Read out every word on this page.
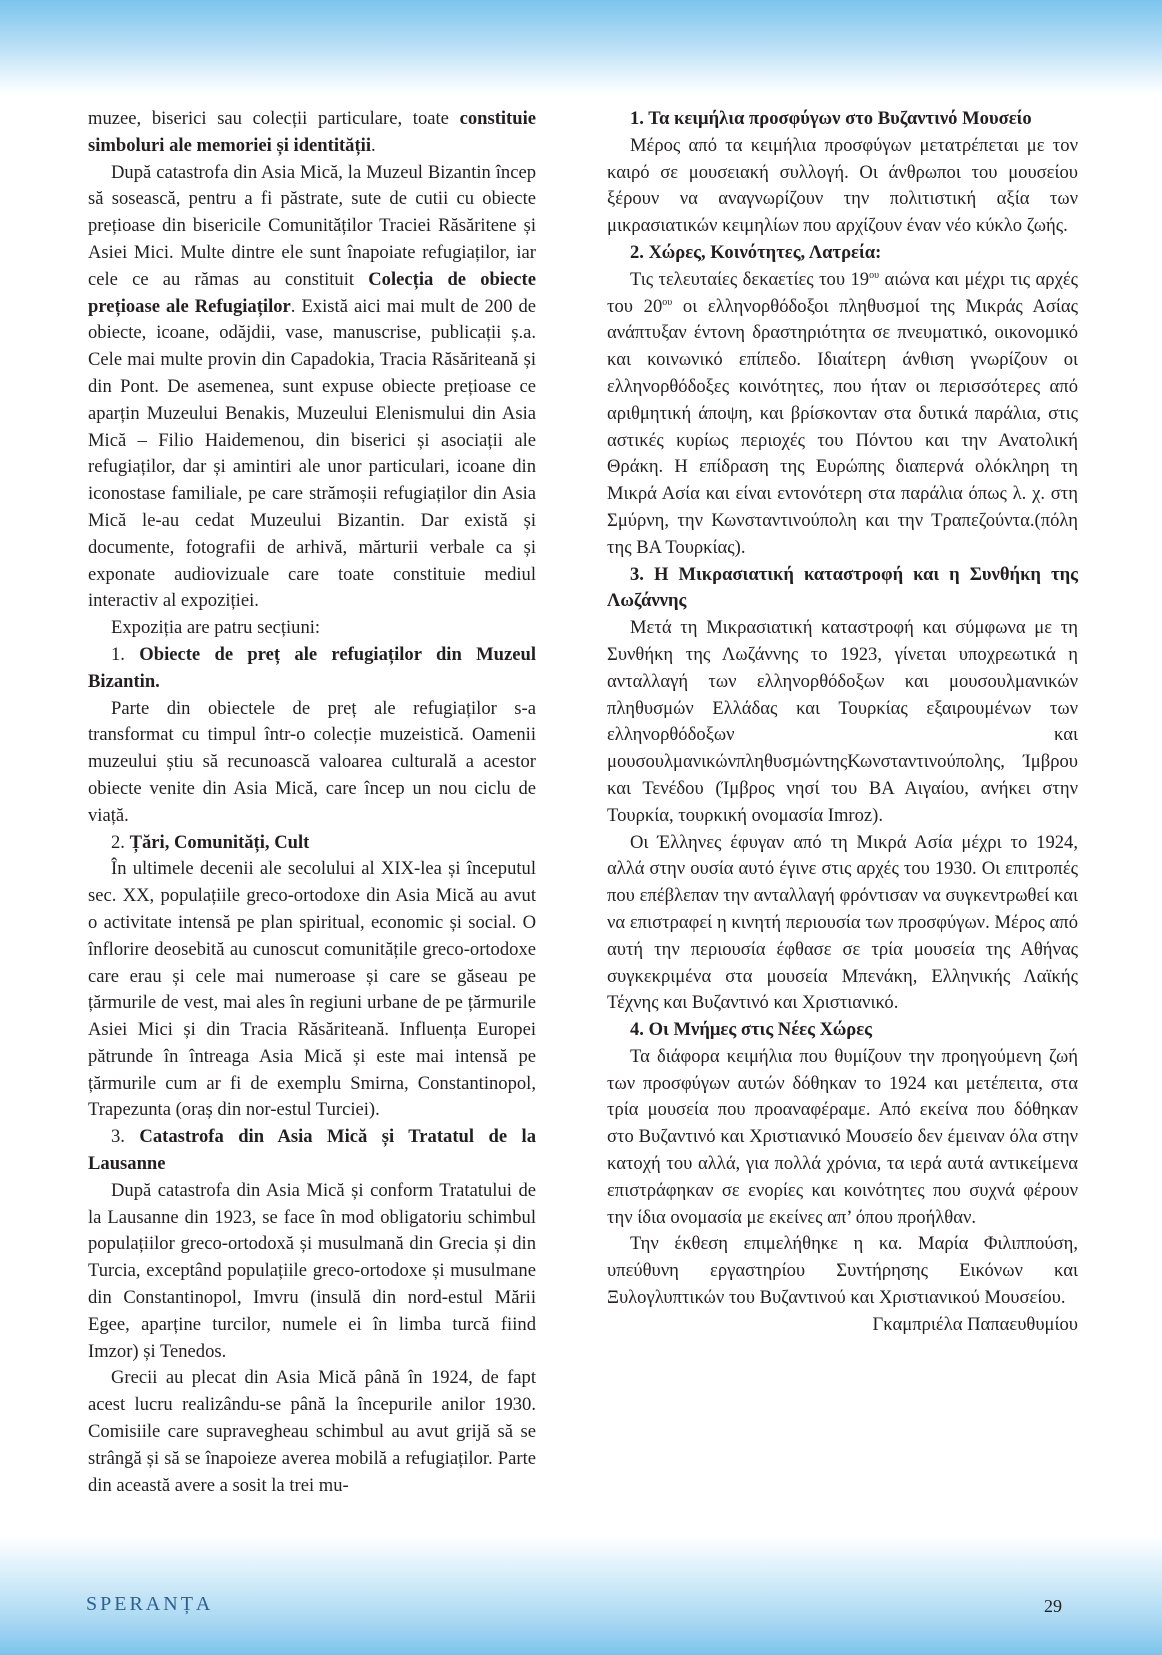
muzee, biserici sau colecții particulare, toate constituie simboluri ale memoriei și identității.

După catastrofa din Asia Mică, la Muzeul Bizantin încep să sosească, pentru a fi păstrate, sute de cutii cu obiecte prețioase din bisericile Comunităților Traciei Răsăritene și Asiei Mici. Multe dintre ele sunt înapoiate refugiaților, iar cele ce au rămas au constituit Colecția de obiecte prețioase ale Refugiaților. Există aici mai mult de 200 de obiecte, icoane, odăjdii, vase, manuscrise, publicații ș.a. Cele mai multe provin din Capadokia, Tracia Răsăriteană și din Pont. De asemenea, sunt expuse obiecte prețioase ce aparțin Muzeului Benakis, Muzeului Elenismului din Asia Mică – Filio Haidemenou, din biserici și asociații ale refugiaților, dar și amintiri ale unor particulari, icoane din iconostase familiale, pe care strămoșii refugiaților din Asia Mică le-au cedat Muzeului Bizantin. Dar există și documente, fotografii de arhivă, mărturii verbale ca și exponate audiovizuale care toate constituie mediul interactiv al expoziției.

Expoziția are patru secțiuni:

1. Obiecte de preț ale refugiaților din Muzeul Bizantin.

Parte din obiectele de preț ale refugiaților s-a transformat cu timpul într-o colecție muzeistică. Oamenii muzeului știu să recunoască valoarea culturală a acestor obiecte venite din Asia Mică, care încep un nou ciclu de viață.

2. Țări, Comunități, Cult

În ultimele decenii ale secolului al XIX-lea și începutul sec. XX, populațiile greco-ortodoxe din Asia Mică au avut o activitate intensă pe plan spiritual, economic și social. O înflorire deosebită au cunoscut comunitățile greco-ortodoxe care erau și cele mai numeroase și care se găseau pe țărmurile de vest, mai ales în regiuni urbane de pe țărmurile Asiei Mici și din Tracia Răsăriteană. Influența Europei pătrunde în întreaga Asia Mică și este mai intensă pe țărmurile cum ar fi de exemplu Smirna, Constantinopol, Trapezunta (oraș din nor-estul Turciei).

3. Catastrofa din Asia Mică și Tratatul de la Lausanne

După catastrofa din Asia Mică și conform Tratatului de la Lausanne din 1923, se face în mod obligatoriu schimbul populațiilor greco-ortodoxă și musulmană din Grecia și din Turcia, exceptând populațiile greco-ortodoxe și musulmane din Constantinopol, Imvru (insulă din nord-estul Mării Egee, aparține turcilor, numele ei în limba turcă fiind Imzor) și Tenedos.

Grecii au plecat din Asia Mică până în 1924, de fapt acest lucru realizându-se până la începurile anilor 1930. Comisiile care supravegheau schimbul au avut grijă să se strângă și să se înapoieze averea mobilă a refugiaților. Parte din această avere a sosit la trei mu-

1. Τα κειμήλια προσφύγων στο Βυζαντινό Μουσείο

Μέρος από τα κειμήλια προσφύγων μετατρέπεται με τον καιρό σε μουσειακή συλλογή. Οι άνθρωποι του μουσείου ξέρουν να αναγνωρίζουν την πολιτιστική αξία των μικρασιατικών κειμηλίων που αρχίζουν έναν νέο κύκλο ζωής.

2. Χώρες, Κοινότητες, Λατρεία:

Τις τελευταίες δεκαετίες του $19^{o\upsilon}$ αιώνα και μέχρι τις αρχές του $20^{o\upsilon}$ οι ελληνορθόδοξοι πληθυσμοί της Μικράς Ασίας ανάπτυξαν έντονη δραστηριότητα σε πνευματικό, οικονομικό και κοινωνικό επίπεδο. Ιδιαίτερη άνθιση γνωρίζουν οι ελληνορθόδοξες κοινότητες, που ήταν οι περισσότερες από αριθμητική άποψη, και βρίσκονταν στα δυτικά παράλια, στις αστικές κυρίως περιοχές του Πόντου και την Ανατολική Θράκη. Η επίδραση της Ευρώπης διαπερνά ολόκληρη τη Μικρά Ασία και είναι εντονότερη στα παράλια όπως λ. χ. στη Σμύρνη, την Κωνσταντινούπολη και την Τραπεζούντα.(πόλη της ΒΑ Τουρκίας).

3. Η Μικρασιατική καταστροφή και η Συνθήκη της Λωζάννης

Μετά τη Μικρασιατική καταστροφή και σύμφωνα με τη Συνθήκη της Λωζάννης το 1923, γίνεται υποχρεωτικά η ανταλλαγή των ελληνορθόδοξων και μουσουλμανικών πληθυσμών Ελλάδας και Τουρκίας εξαιρουμένων των ελληνορθόδοξων και μουσουλμανικώνπληθυσμώντηςΚωνσταντινούπολης, Ίμβρου και Τενέδου (Ίμβρος νησί του ΒΑ Αιγαίου, ανήκει στην Τουρκία, τουρκική ονομασία Imroz).

Οι Έλληνες έφυγαν από τη Μικρά Ασία μέχρι το 1924, αλλά στην ουσία αυτό έγινε στις αρχές του 1930. Οι επιτροπές που επέβλεπαν την ανταλλαγή φρόντισαν να συγκεντρωθεί και να επιστραφεί η κινητή περιουσία των προσφύγων. Μέρος από αυτή την περιουσία έφθασε σε τρία μουσεία της Αθήνας συγκεκριμένα στα μουσεία Μπενάκη, Ελληνικής Λαϊκής Τέχνης και Βυζαντινό και Χριστιανικό.

4. Οι Μνήμες στις Νέες Χώρες

Τα διάφορα κειμήλια που θυμίζουν την προηγούμενη ζωή των προσφύγων αυτών δόθηκαν το 1924 και μετέπειτα, στα τρία μουσεία που προαναφέραμε. Από εκείνα που δόθηκαν στο Βυζαντινό και Χριστιανικό Μουσείο δεν έμειναν όλα στην κατοχή του αλλά, για πολλά χρόνια, τα ιερά αυτά αντικείμενα επιστράφηκαν σε ενορίες και κοινότητες που συχνά φέρουν την ίδια ονομασία με εκείνες απ’ όπου προήλθαν.

Την έκθεση επιμελήθηκε η κα. Μαρία Φιλιππούση, υπεύθυνη εργαστηρίου Συντήρησης Εικόνων και Ξυλογλυπτικών του Βυζαντινού και Χριστιανικού Μουσείου.

Γκαμπριέλα Παπαευθυμίου

SPERANȚA	29
